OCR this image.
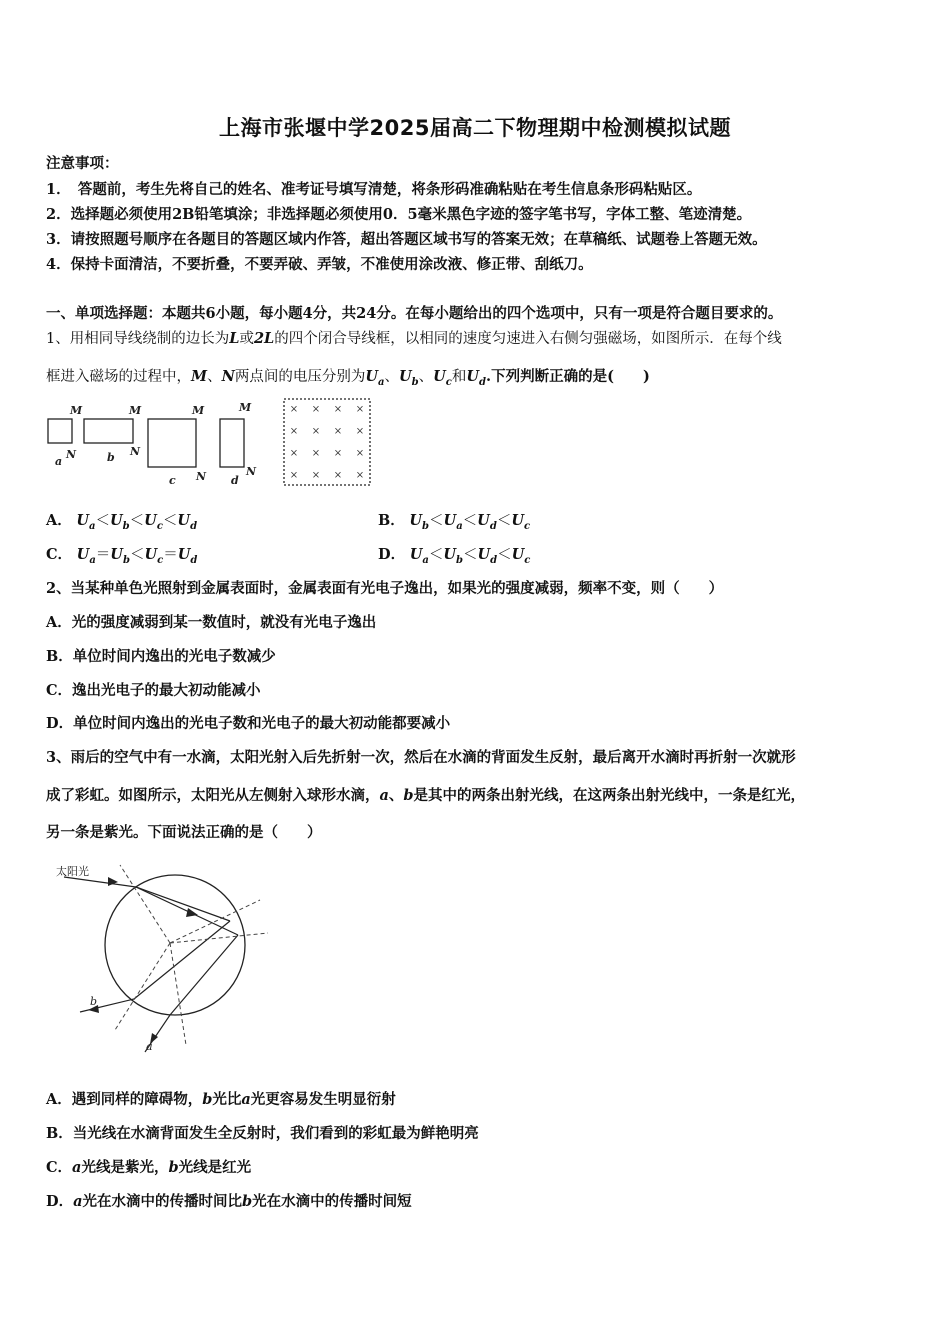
上海市张堰中学2025届高二下物理期中检测模拟试题
注意事项：
1．　答题前，考生先将自己的姓名、准考证号填写清楚，将条形码准确粘贴在考生信息条形码粘贴区。
2．选择题必须使用2B铅笔填涂；非选择题必须使用0．5毫米黑色字迹的签字笔书写，字体工整、笔迹清楚。
3．请按照题号顺序在各题目的答题区域内作答，超出答题区域书写的答案无效；在草稿纸、试题卷上答题无效。
4．保持卡面清洁，不要折叠，不要弄破、弄皱，不准使用涂改液、修正带、刮纸刀。
一、单项选择题：本题共6小题，每小题4分，共24分。在每小题给出的四个选项中，只有一项是符合题目要求的。
1、用相同导线绕制的边长为L或2L的四个闭合导线框，以相同的速度匀速进入右侧匀强磁场，如图所示．在每个线
框进入磁场的过程中，M、N两点间的电压分别为$U_a$、$U_b$、$U_c$和$U_d$.下列判断正确的是(　　)
M	M	M	M
N	N
N	N
a	b
c	d
× × × ×
× × × ×
× × × ×
× × × ×
A． $U_a<U_b<U_c<U_d$	B． $U_b<U_a<U_d<U_c$
C． $U_a=U_b<U_c=U_d$	D． $U_a<U_b<U_d<U_c$
2、当某种单色光照射到金属表面时，金属表面有光电子逸出，如果光的强度减弱，频率不变，则（　　）
A．光的强度减弱到某一数值时，就没有光电子逸出
B．单位时间内逸出的光电子数减少
C．逸出光电子的最大初动能减小
D．单位时间内逸出的光电子数和光电子的最大初动能都要减小
3、雨后的空气中有一水滴，太阳光射入后先折射一次，然后在水滴的背面发生反射，最后离开水滴时再折射一次就形
成了彩虹。如图所示，太阳光从左侧射入球形水滴，a、b是其中的两条出射光线，在这两条出射光线中，一条是红光，
另一条是紫光。下面说法正确的是（　　）
太阳光
b
a
A．遇到同样的障碍物，b光比a光更容易发生明显衍射
B．当光线在水滴背面发生全反射时，我们看到的彩虹最为鲜艳明亮
C．a光线是紫光，b光线是红光
D．a光在水滴中的传播时间比b光在水滴中的传播时间短
